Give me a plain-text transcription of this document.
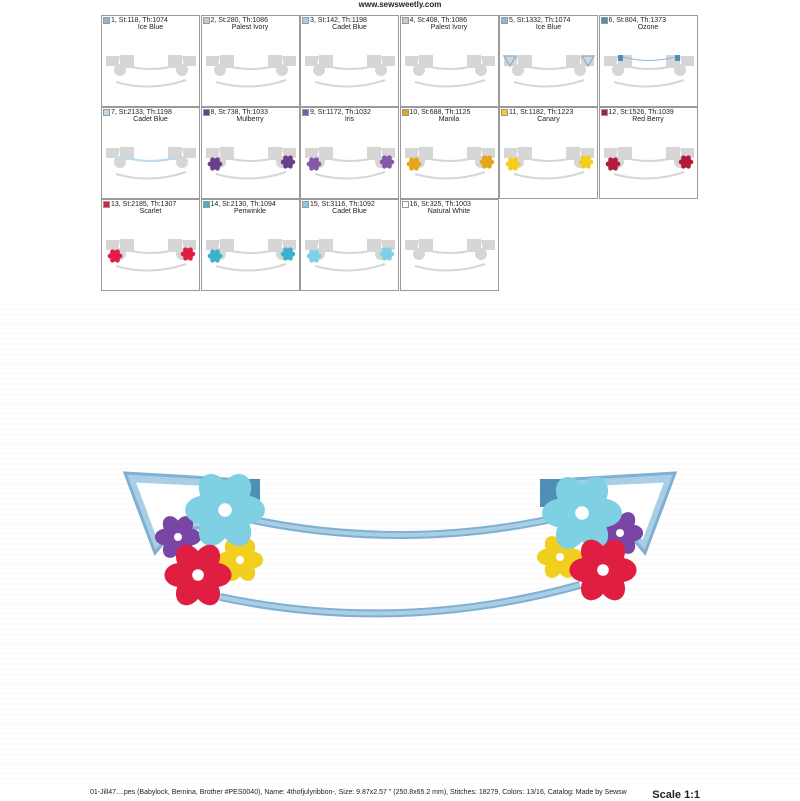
www.sewsweetly.com
1, St:118, Th:1074
Ice Blue
2, St:280, Th:1086
Palest Ivory
3, St:142, Th:1198
Cadet Blue
4, St:408, Th:1086
Palest Ivory
5, St:1332, Th:1074
Ice Blue
6, St:804, Th:1373
Ozone
7, St:2133, Th:1198
Cadet Blue
8, St:738, Th:1033
Mulberry
9, St:1172, Th:1032
Iris
10, St:688, Th:1125
Manila
11, St:1182, Th:1223
Canary
12, St:1526, Th:1039
Red Berry
13, St:2185, Th:1307
Scarlet
14, St:2130, Th:1094
Periwinkle
15, St:3116, Th:1092
Cadet Blue
16, St:325, Th:1003
Natural White
01-Jill47....pes (Babylock, Bernina, Brother #PES0040), Name: 4thofjulyribbon-, Size: 9.87x2.57 " (250.8x65.2 mm), Stitches: 18279, Colors: 13/16, Catalog: Made by Sewsw Scale 1:1
